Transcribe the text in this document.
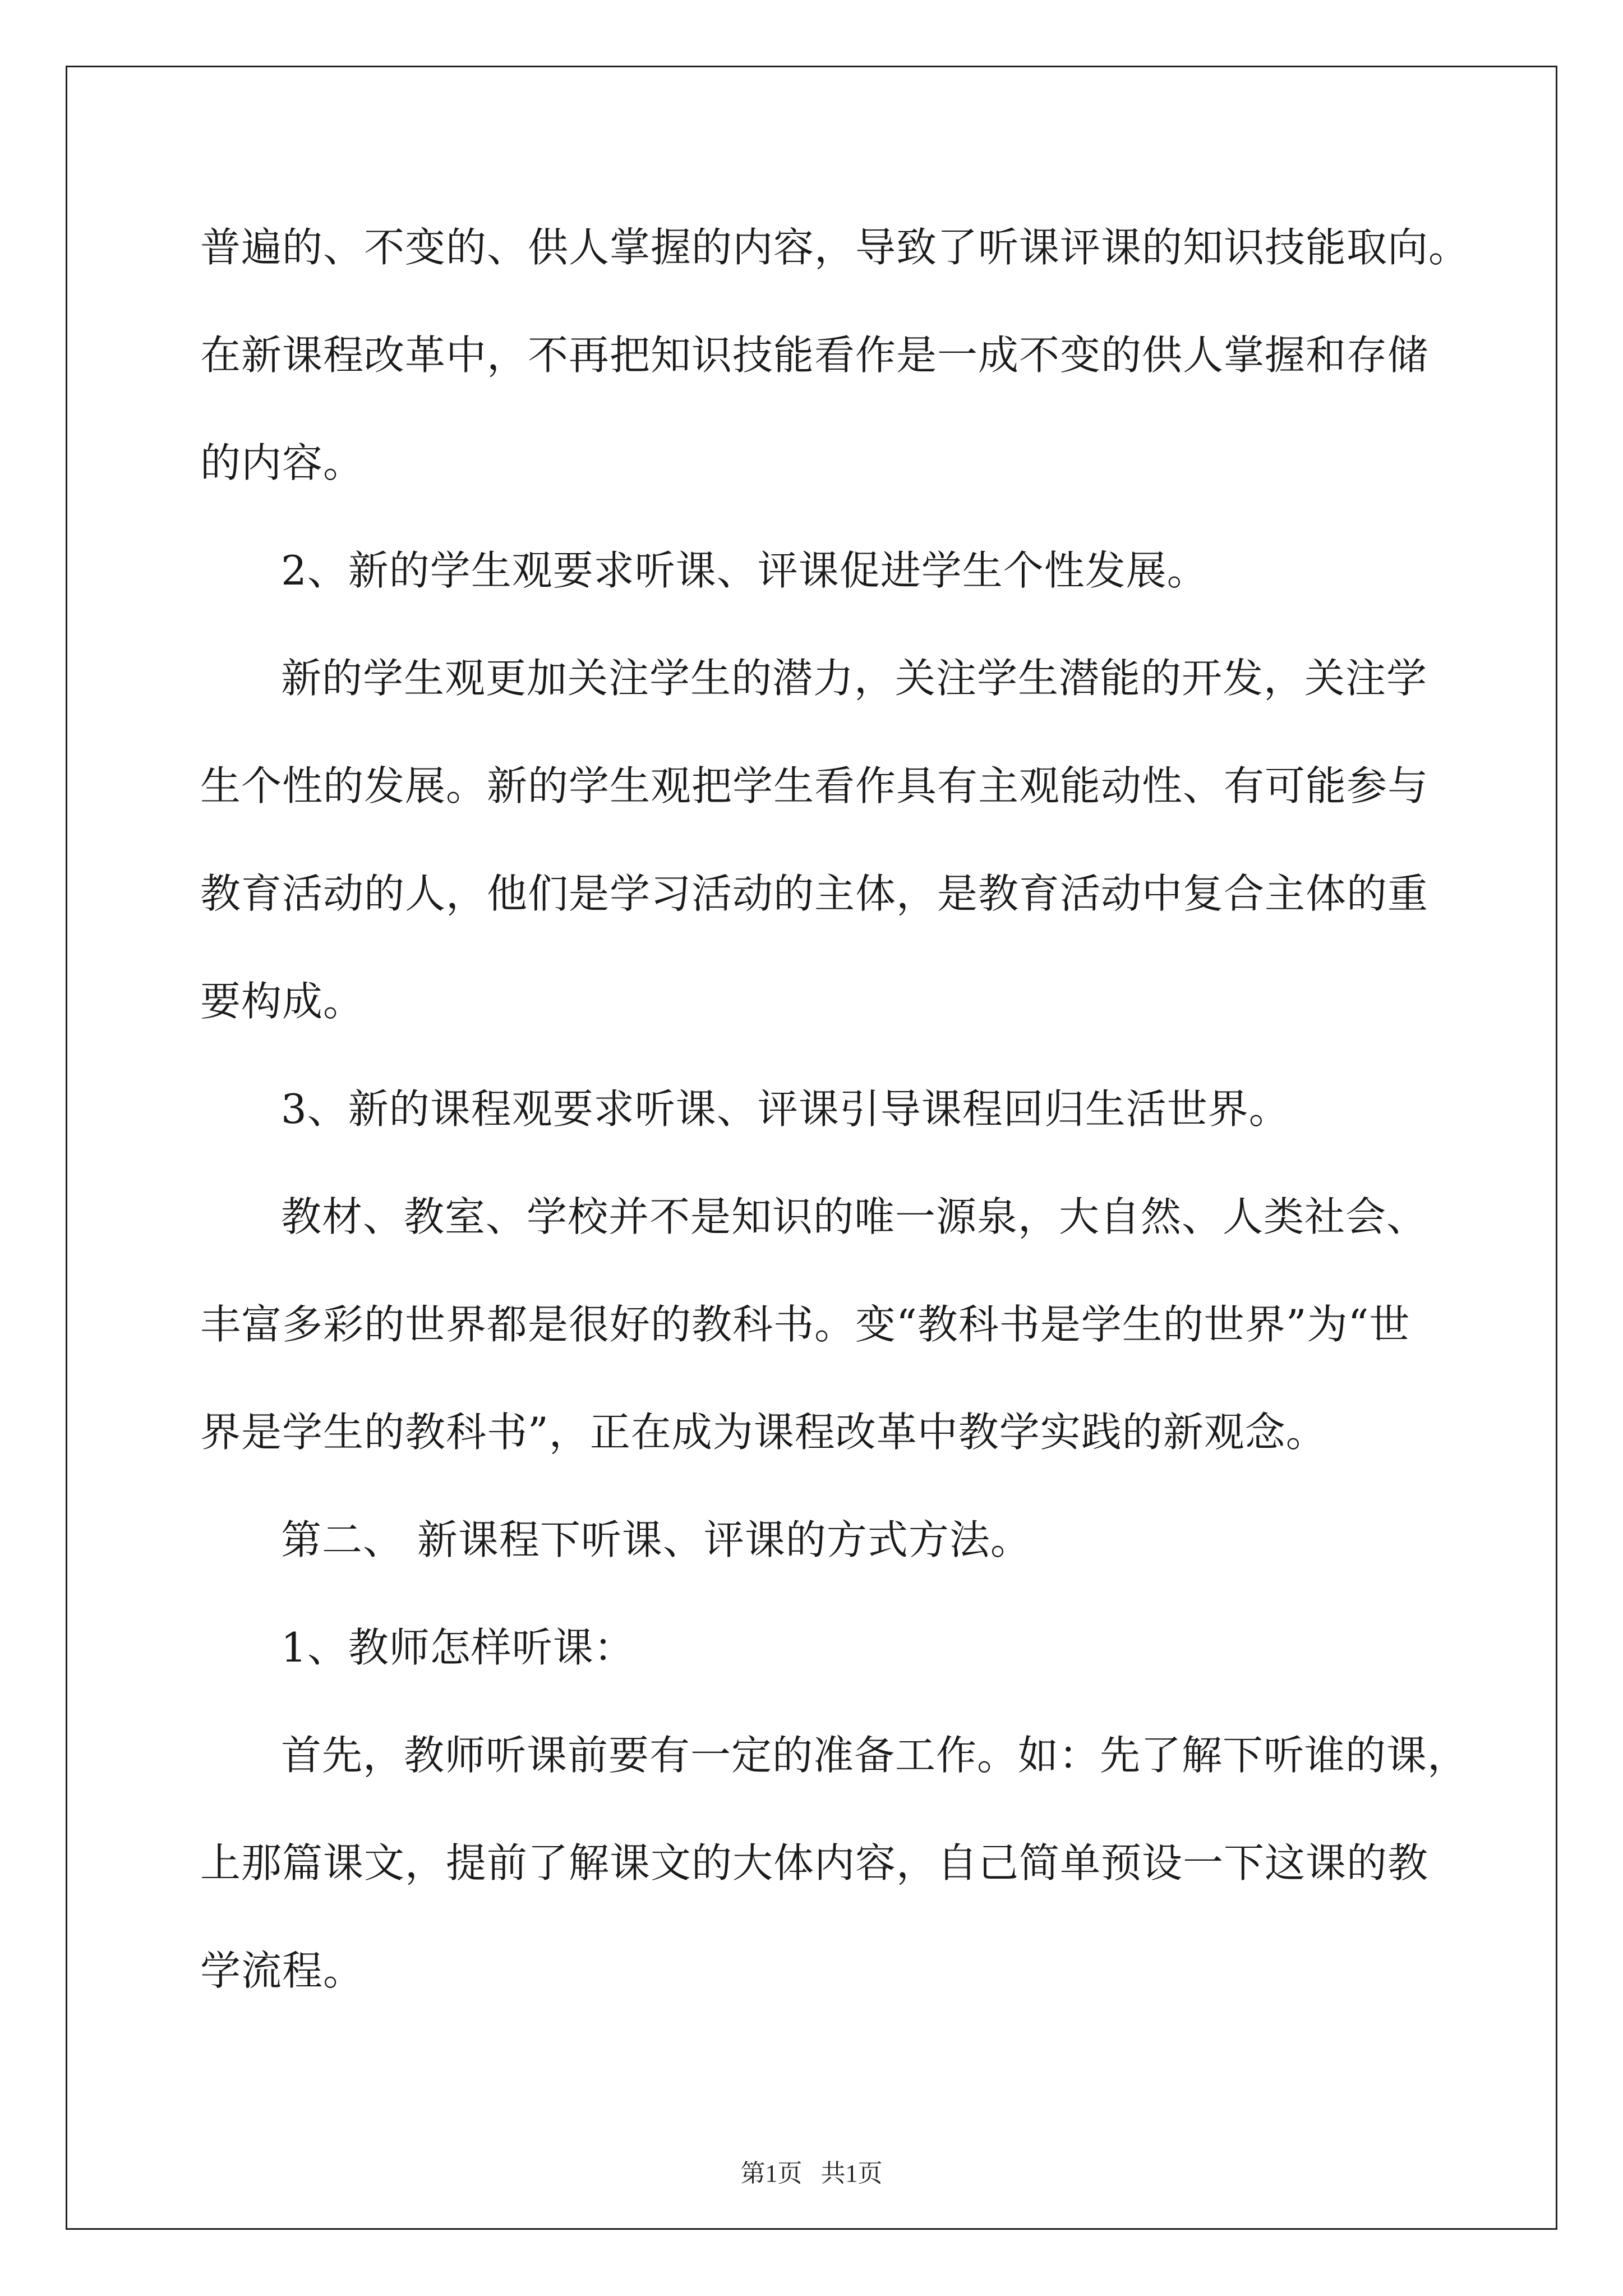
普遍的、不变的、供人掌握的内容，导致了听课评课的知识技能取向。
在新课程改革中，不再把知识技能看作是一成不变的供人掌握和存储
的内容。
2、新的学生观要求听课、评课促进学生个性发展。
新的学生观更加关注学生的潜力，关注学生潜能的开发，关注学
生个性的发展。新的学生观把学生看作具有主观能动性、有可能参与
教育活动的人，他们是学习活动的主体，是教育活动中复合主体的重
要构成。
3、新的课程观要求听课、评课引导课程回归生活世界。
教材、教室、学校并不是知识的唯一源泉，大自然、人类社会、
丰富多彩的世界都是很好的教科书。变“教科书是学生的世界”为“世
界是学生的教科书”，正在成为课程改革中教学实践的新观念。
第二、 新课程下听课、评课的方式方法。
1、教师怎样听课：
首先，教师听课前要有一定的准备工作。如：先了解下听谁的课，
上那篇课文，提前了解课文的大体内容，自己简单预设一下这课的教
学流程。
第1页   共1页
